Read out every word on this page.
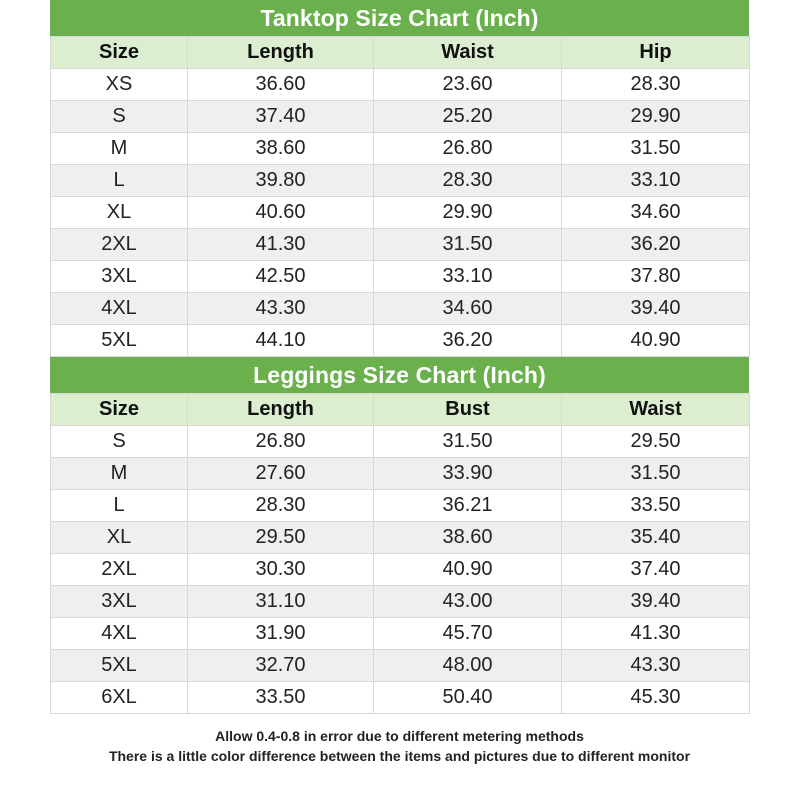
Tanktop Size Chart (Inch)
Size	Length	Waist	Hip
XS	36.60	23.60	28.30
S	37.40	25.20	29.90
M	38.60	26.80	31.50
L	39.80	28.30	33.10
XL	40.60	29.90	34.60
2XL	41.30	31.50	36.20
3XL	42.50	33.10	37.80
4XL	43.30	34.60	39.40
5XL	44.10	36.20	40.90
Leggings Size Chart (Inch)
Size	Length	Bust	Waist
S	26.80	31.50	29.50
M	27.60	33.90	31.50
L	28.30	36.21	33.50
XL	29.50	38.60	35.40
2XL	30.30	40.90	37.40
3XL	31.10	43.00	39.40
4XL	31.90	45.70	41.30
5XL	32.70	48.00	43.30
6XL	33.50	50.40	45.30
Allow 0.4-0.8 in error due to different metering methods
There is a little color difference between the items and pictures due to different monitor
